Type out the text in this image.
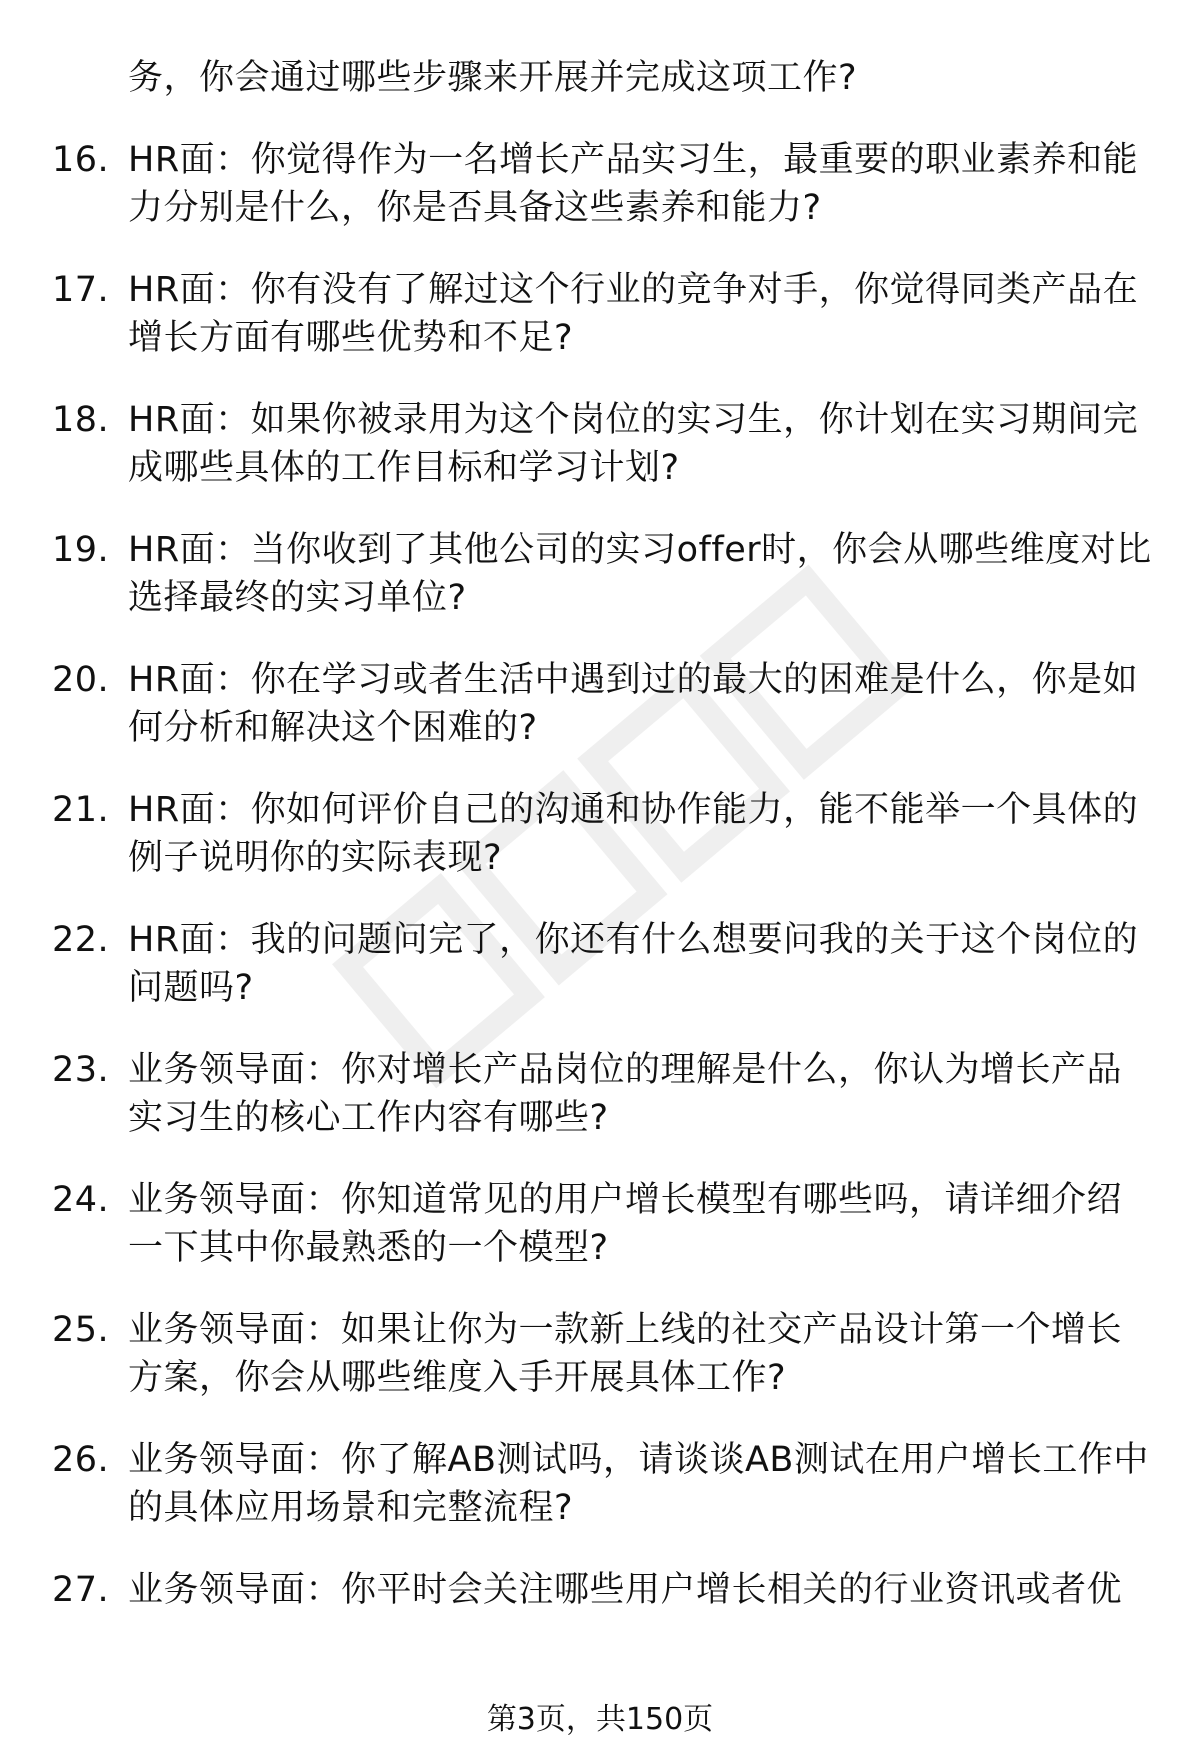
务，你会通过哪些步骤来开展并完成这项工作?
16. HR面：你觉得作为一名增长产品实习生，最重要的职业素养和能力分别是什么，你是否具备这些素养和能力?
17. HR面：你有没有了解过这个行业的竞争对手，你觉得同类产品在增长方面有哪些优势和不足?
18. HR面：如果你被录用为这个岗位的实习生，你计划在实习期间完成哪些具体的工作目标和学习计划?
19. HR面：当你收到了其他公司的实习offer时，你会从哪些维度对比选择最终的实习单位?
20. HR面：你在学习或者生活中遇到过的最大的困难是什么，你是如何分析和解决这个困难的?
21. HR面：你如何评价自己的沟通和协作能力，能不能举一个具体的例子说明你的实际表现?
22. HR面：我的问题问完了，你还有什么想要问我的关于这个岗位的问题吗?
23. 业务领导面：你对增长产品岗位的理解是什么，你认为增长产品实习生的核心工作内容有哪些?
24. 业务领导面：你知道常见的用户增长模型有哪些吗，请详细介绍一下其中你最熟悉的一个模型?
25. 业务领导面：如果让你为一款新上线的社交产品设计第一个增长方案，你会从哪些维度入手开展具体工作?
26. 业务领导面：你了解AB测试吗，请谈谈AB测试在用户增长工作中的具体应用场景和完整流程?
27. 业务领导面：你平时会关注哪些用户增长相关的行业资讯或者优
第3页，共150页
